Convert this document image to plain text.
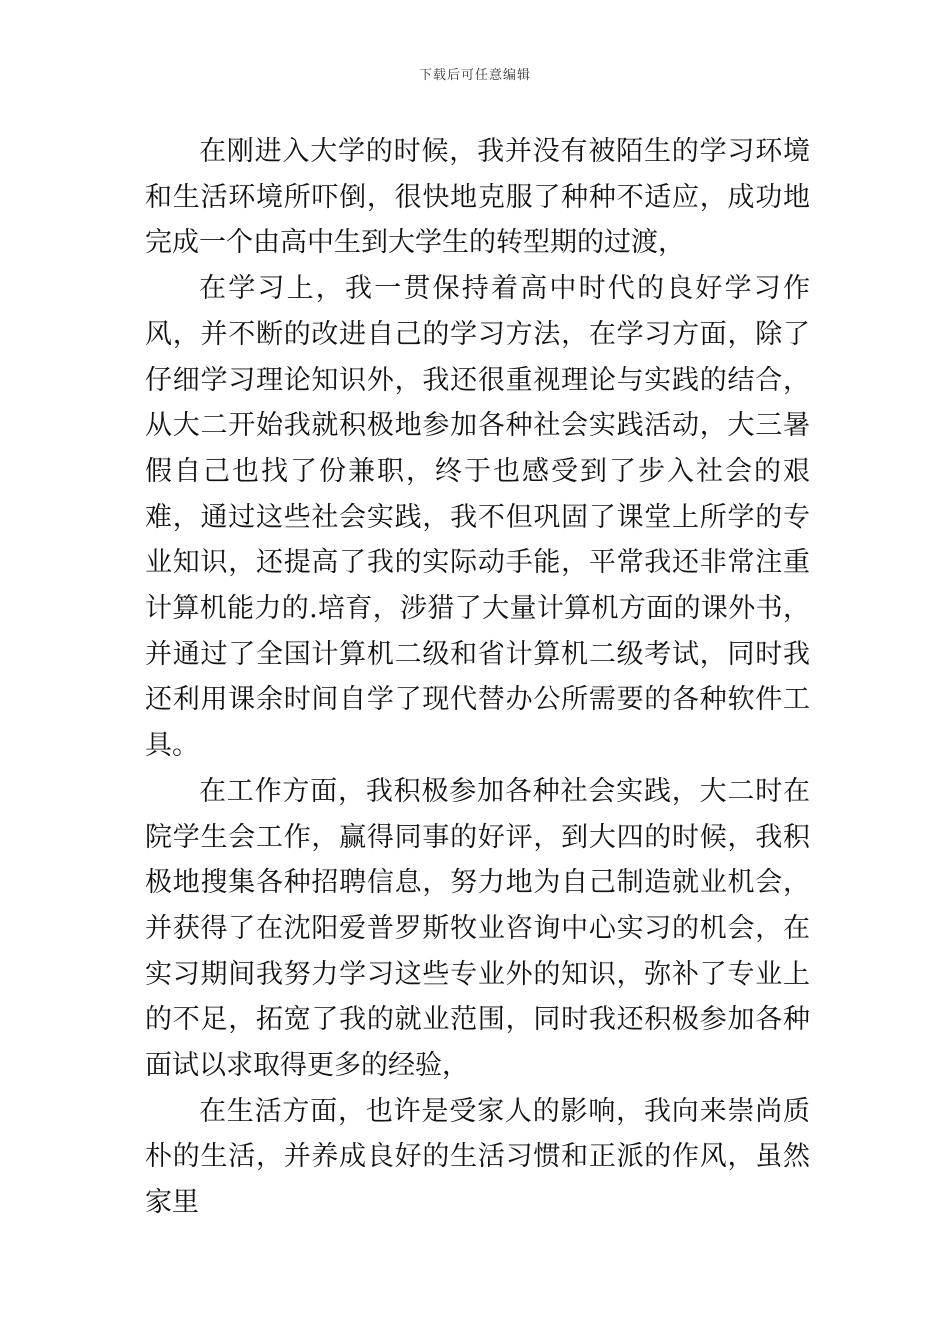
下载后可任意编辑

在刚进入大学的时候，我并没有被陌生的学习环境和生活环境所吓倒，很快地克服了种种不适应，成功地完成一个由高中生到大学生的转型期的过渡，

在学习上，我一贯保持着高中时代的良好学习作风，并不断的改进自己的学习方法，在学习方面，除了仔细学习理论知识外，我还很重视理论与实践的结合，从大二开始我就积极地参加各种社会实践活动，大三暑假自己也找了份兼职，终于也感受到了步入社会的艰难，通过这些社会实践，我不但巩固了课堂上所学的专业知识，还提高了我的实际动手能，平常我还非常注重计算机能力的.培育，涉猎了大量计算机方面的课外书，并通过了全国计算机二级和省计算机二级考试，同时我还利用课余时间自学了现代替办公所需要的各种软件工具。

在工作方面，我积极参加各种社会实践，大二时在院学生会工作，赢得同事的好评，到大四的时候，我积极地搜集各种招聘信息，努力地为自己制造就业机会，并获得了在沈阳爱普罗斯牧业咨询中心实习的机会，在实习期间我努力学习这些专业外的知识，弥补了专业上的不足，拓宽了我的就业范围，同时我还积极参加各种面试以求取得更多的经验，

在生活方面，也许是受家人的影响，我向来崇尚质朴的生活，并养成良好的生活习惯和正派的作风，虽然家里
